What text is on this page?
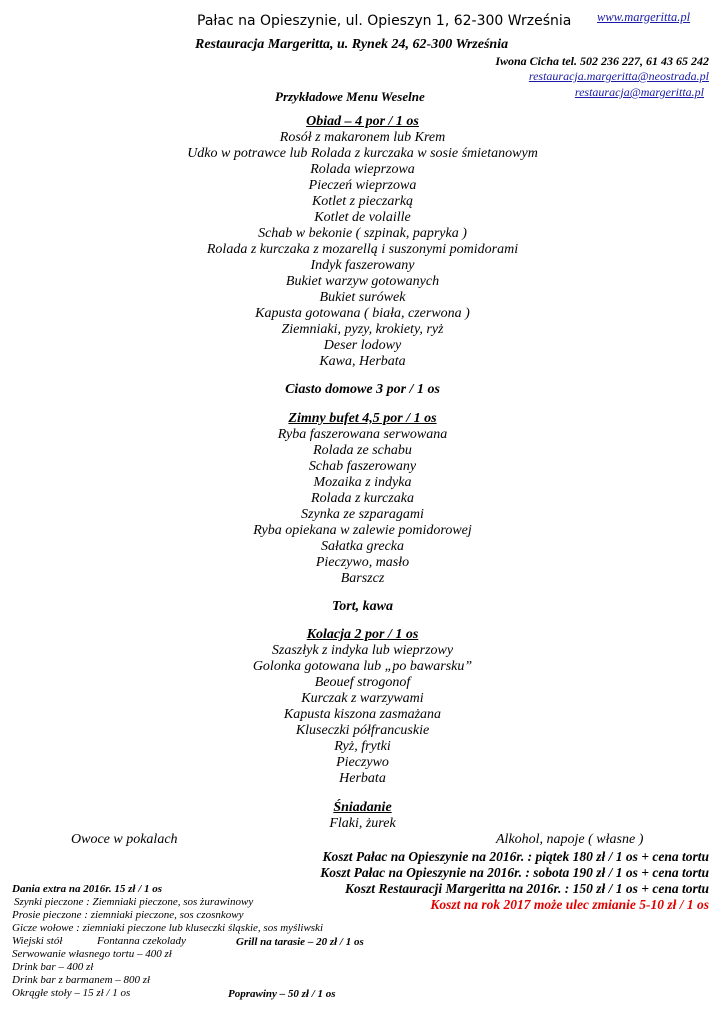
Pałac na Opieszynie, ul. Opieszyn 1, 62-300 Września www.margeritta.pl
Restauracja Margeritta, u. Rynek 24, 62-300 Września
Iwona Cicha tel. 502 236 227, 61 43 65 242
restauracja.margeritta@neostrada.pl
restauracja@margeritta.pl
Przykładowe Menu Weselne
Obiad – 4 por / 1 os
Rosół z makaronem lub Krem
Udko w potrawce lub Rolada z kurczaka w sosie śmietanowym
Rolada wieprzowa
Pieczeń wieprzowa
Kotlet z pieczarką
Kotlet de volaille
Schab w bekonie ( szpinak, papryka )
Rolada z kurczaka z mozarellą i suszonymi pomidorami
Indyk faszerowany
Bukiet warzyw gotowanych
Bukiet surówek
Kapusta gotowana ( biała, czerwona )
Ziemniaki, pyzy, krokiety, ryż
Deser lodowy
Kawa, Herbata
Ciasto domowe 3 por / 1 os
Zimny bufet 4,5 por / 1 os
Ryba faszerowana serwowana
Rolada ze schabu
Schab faszerowany
Mozaika z indyka
Rolada z kurczaka
Szynka ze szparagami
Ryba opiekana w zalewie pomidorowej
Sałatka grecka
Pieczywo, masło
Barszcz
Tort, kawa
Kolacja 2 por / 1 os
Szaszłyk z indyka lub wieprzowy
Golonka gotowana lub „po bawarsku”
Beouef strogonof
Kurczak z warzywami
Kapusta kiszona zasmażana
Kluseczki półfrancuskie
Ryż, frytki
Pieczywo
Herbata
Śniadanie
Flaki, żurek
Owoce w pokalach	Alkohol, napoje ( własne )
Koszt Pałac na Opieszynie na 2016r. : piątek 180 zł / 1 os + cena tortu
Koszt Pałac na Opieszynie na 2016r. : sobota 190 zł / 1 os + cena tortu
Koszt Restauracji Margeritta na 2016r. : 150 zł / 1 os + cena tortu
Koszt na rok 2017 może ulec zmianie 5-10 zł / 1 os
Dania extra na 2016r. 15 zł / 1 os
Szynki pieczone : Ziemniaki pieczone, sos żurawinowy
Prosie pieczone : ziemniaki pieczone, sos czosnkowy
Gicze wołowe : ziemniaki pieczone lub kluseczki śląskie, sos myśliwski
Wiejski stół	Fontanna czekolady	Grill na tarasie – 20 zł / 1 os
Serwowanie własnego tortu – 400 zł
Drink bar – 400 zł
Drink bar z barmanem – 800 zł
Okrągłe stoły – 15 zł / 1 os	Poprawiny – 50 zł / 1 os
